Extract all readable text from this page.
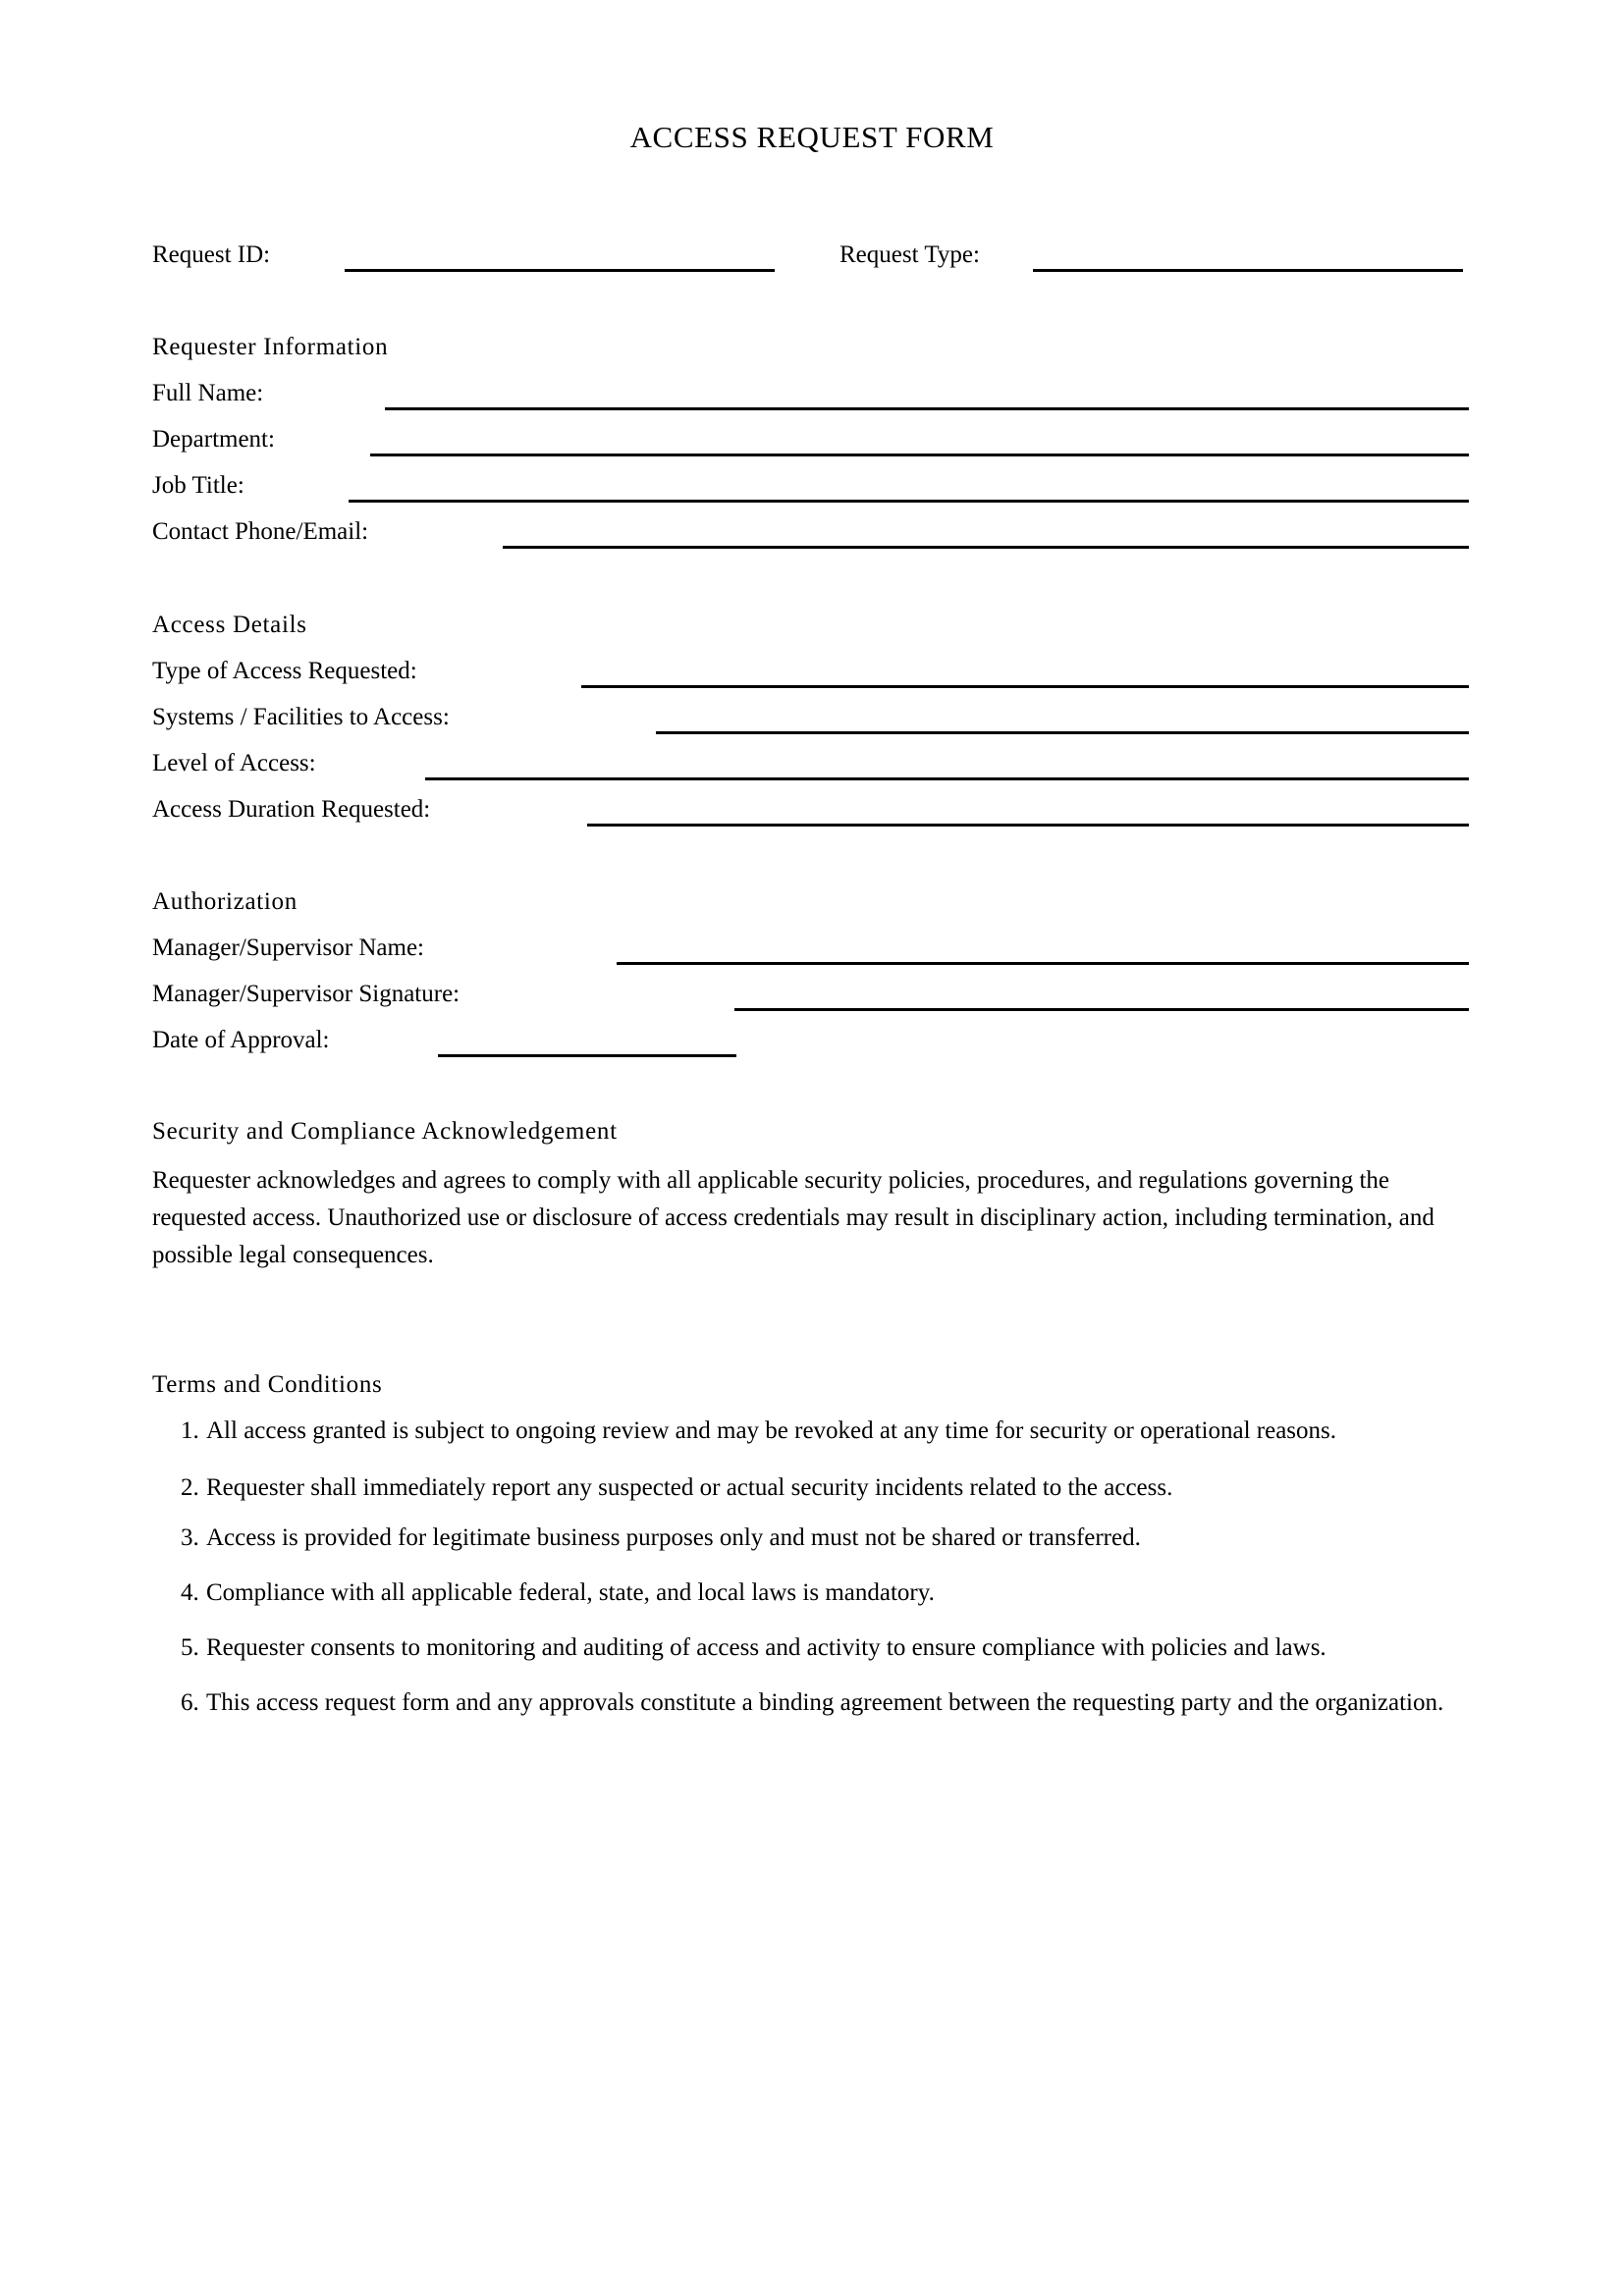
ACCESS REQUEST FORM
Request ID:	Request Type:
Requester Information
Full Name:
Department:
Job Title:
Contact Phone/Email:
Access Details
Type of Access Requested:
Systems / Facilities to Access:
Level of Access:
Access Duration Requested:
Authorization
Manager/Supervisor Name:
Manager/Supervisor Signature:
Date of Approval:
Security and Compliance Acknowledgement
Requester acknowledges and agrees to comply with all applicable security policies, procedures, and regulations governing the requested access. Unauthorized use or disclosure of access credentials may result in disciplinary action, including termination, and possible legal consequences.
Terms and Conditions
1. All access granted is subject to ongoing review and may be revoked at any time for security or operational reasons.
2. Requester shall immediately report any suspected or actual security incidents related to the access.
3. Access is provided for legitimate business purposes only and must not be shared or transferred.
4. Compliance with all applicable federal, state, and local laws is mandatory.
5. Requester consents to monitoring and auditing of access and activity to ensure compliance with policies and laws.
6. This access request form and any approvals constitute a binding agreement between the requesting party and the organization.
